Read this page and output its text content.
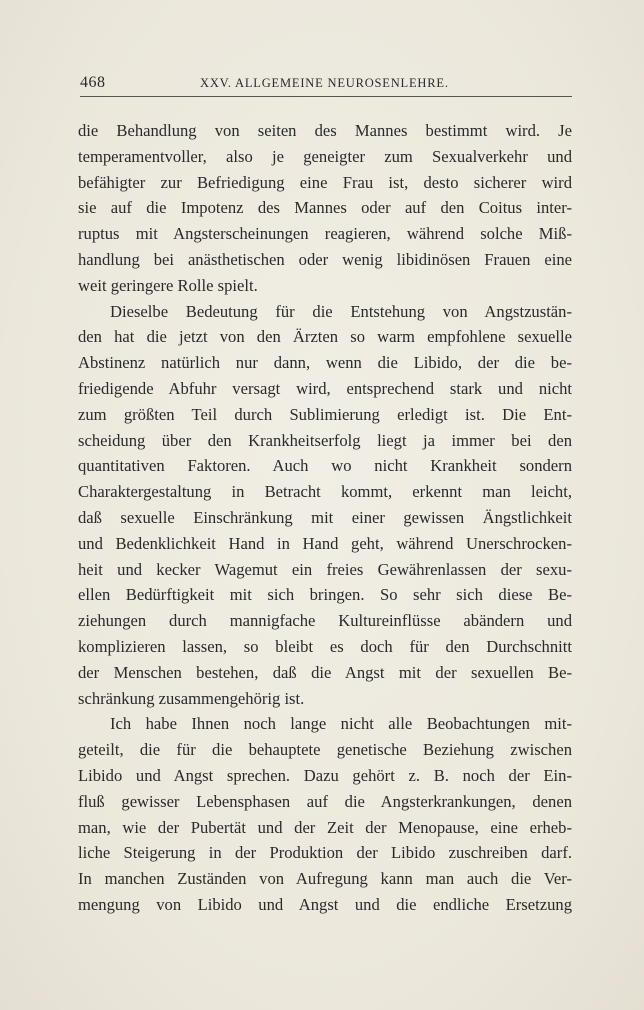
468	XXV. ALLGEMEINE NEUROSENLEHRE.
die Behandlung von seiten des Mannes bestimmt wird. Je
temperamentvoller, also je geneigter zum Sexualverkehr und
befähigter zur Befriedigung eine Frau ist, desto sicherer wird
sie auf die Impotenz des Mannes oder auf den Coitus inter-
ruptus mit Angsterscheinungen reagieren, während solche Miß-
handlung bei anästhetischen oder wenig libidinösen Frauen eine
weit geringere Rolle spielt.
Dieselbe Bedeutung für die Entstehung von Angstzustän-
den hat die jetzt von den Ärzten so warm empfohlene sexuelle
Abstinenz natürlich nur dann, wenn die Libido, der die be-
friedigende Abfuhr versagt wird, entsprechend stark und nicht
zum größten Teil durch Sublimierung erledigt ist. Die Ent-
scheidung über den Krankheitserfolg liegt ja immer bei den
quantitativen Faktoren. Auch wo nicht Krankheit sondern
Charaktergestaltung in Betracht kommt, erkennt man leicht,
daß sexuelle Einschränkung mit einer gewissen Ängstlichkeit
und Bedenklichkeit Hand in Hand geht, während Unerschrocken-
heit und kecker Wagemut ein freies Gewährenlassen der sexu-
ellen Bedürftigkeit mit sich bringen. So sehr sich diese Be-
ziehungen durch mannigfache Kultureinflüsse abändern und
komplizieren lassen, so bleibt es doch für den Durchschnitt
der Menschen bestehen, daß die Angst mit der sexuellen Be-
schränkung zusammengehörig ist.
Ich habe Ihnen noch lange nicht alle Beobachtungen mit-
geteilt, die für die behauptete genetische Beziehung zwischen
Libido und Angst sprechen. Dazu gehört z. B. noch der Ein-
fluß gewisser Lebensphasen auf die Angsterkrankungen, denen
man, wie der Pubertät und der Zeit der Menopause, eine erheb-
liche Steigerung in der Produktion der Libido zuschreiben darf.
In manchen Zuständen von Aufregung kann man auch die Ver-
mengung von Libido und Angst und die endliche Ersetzung
